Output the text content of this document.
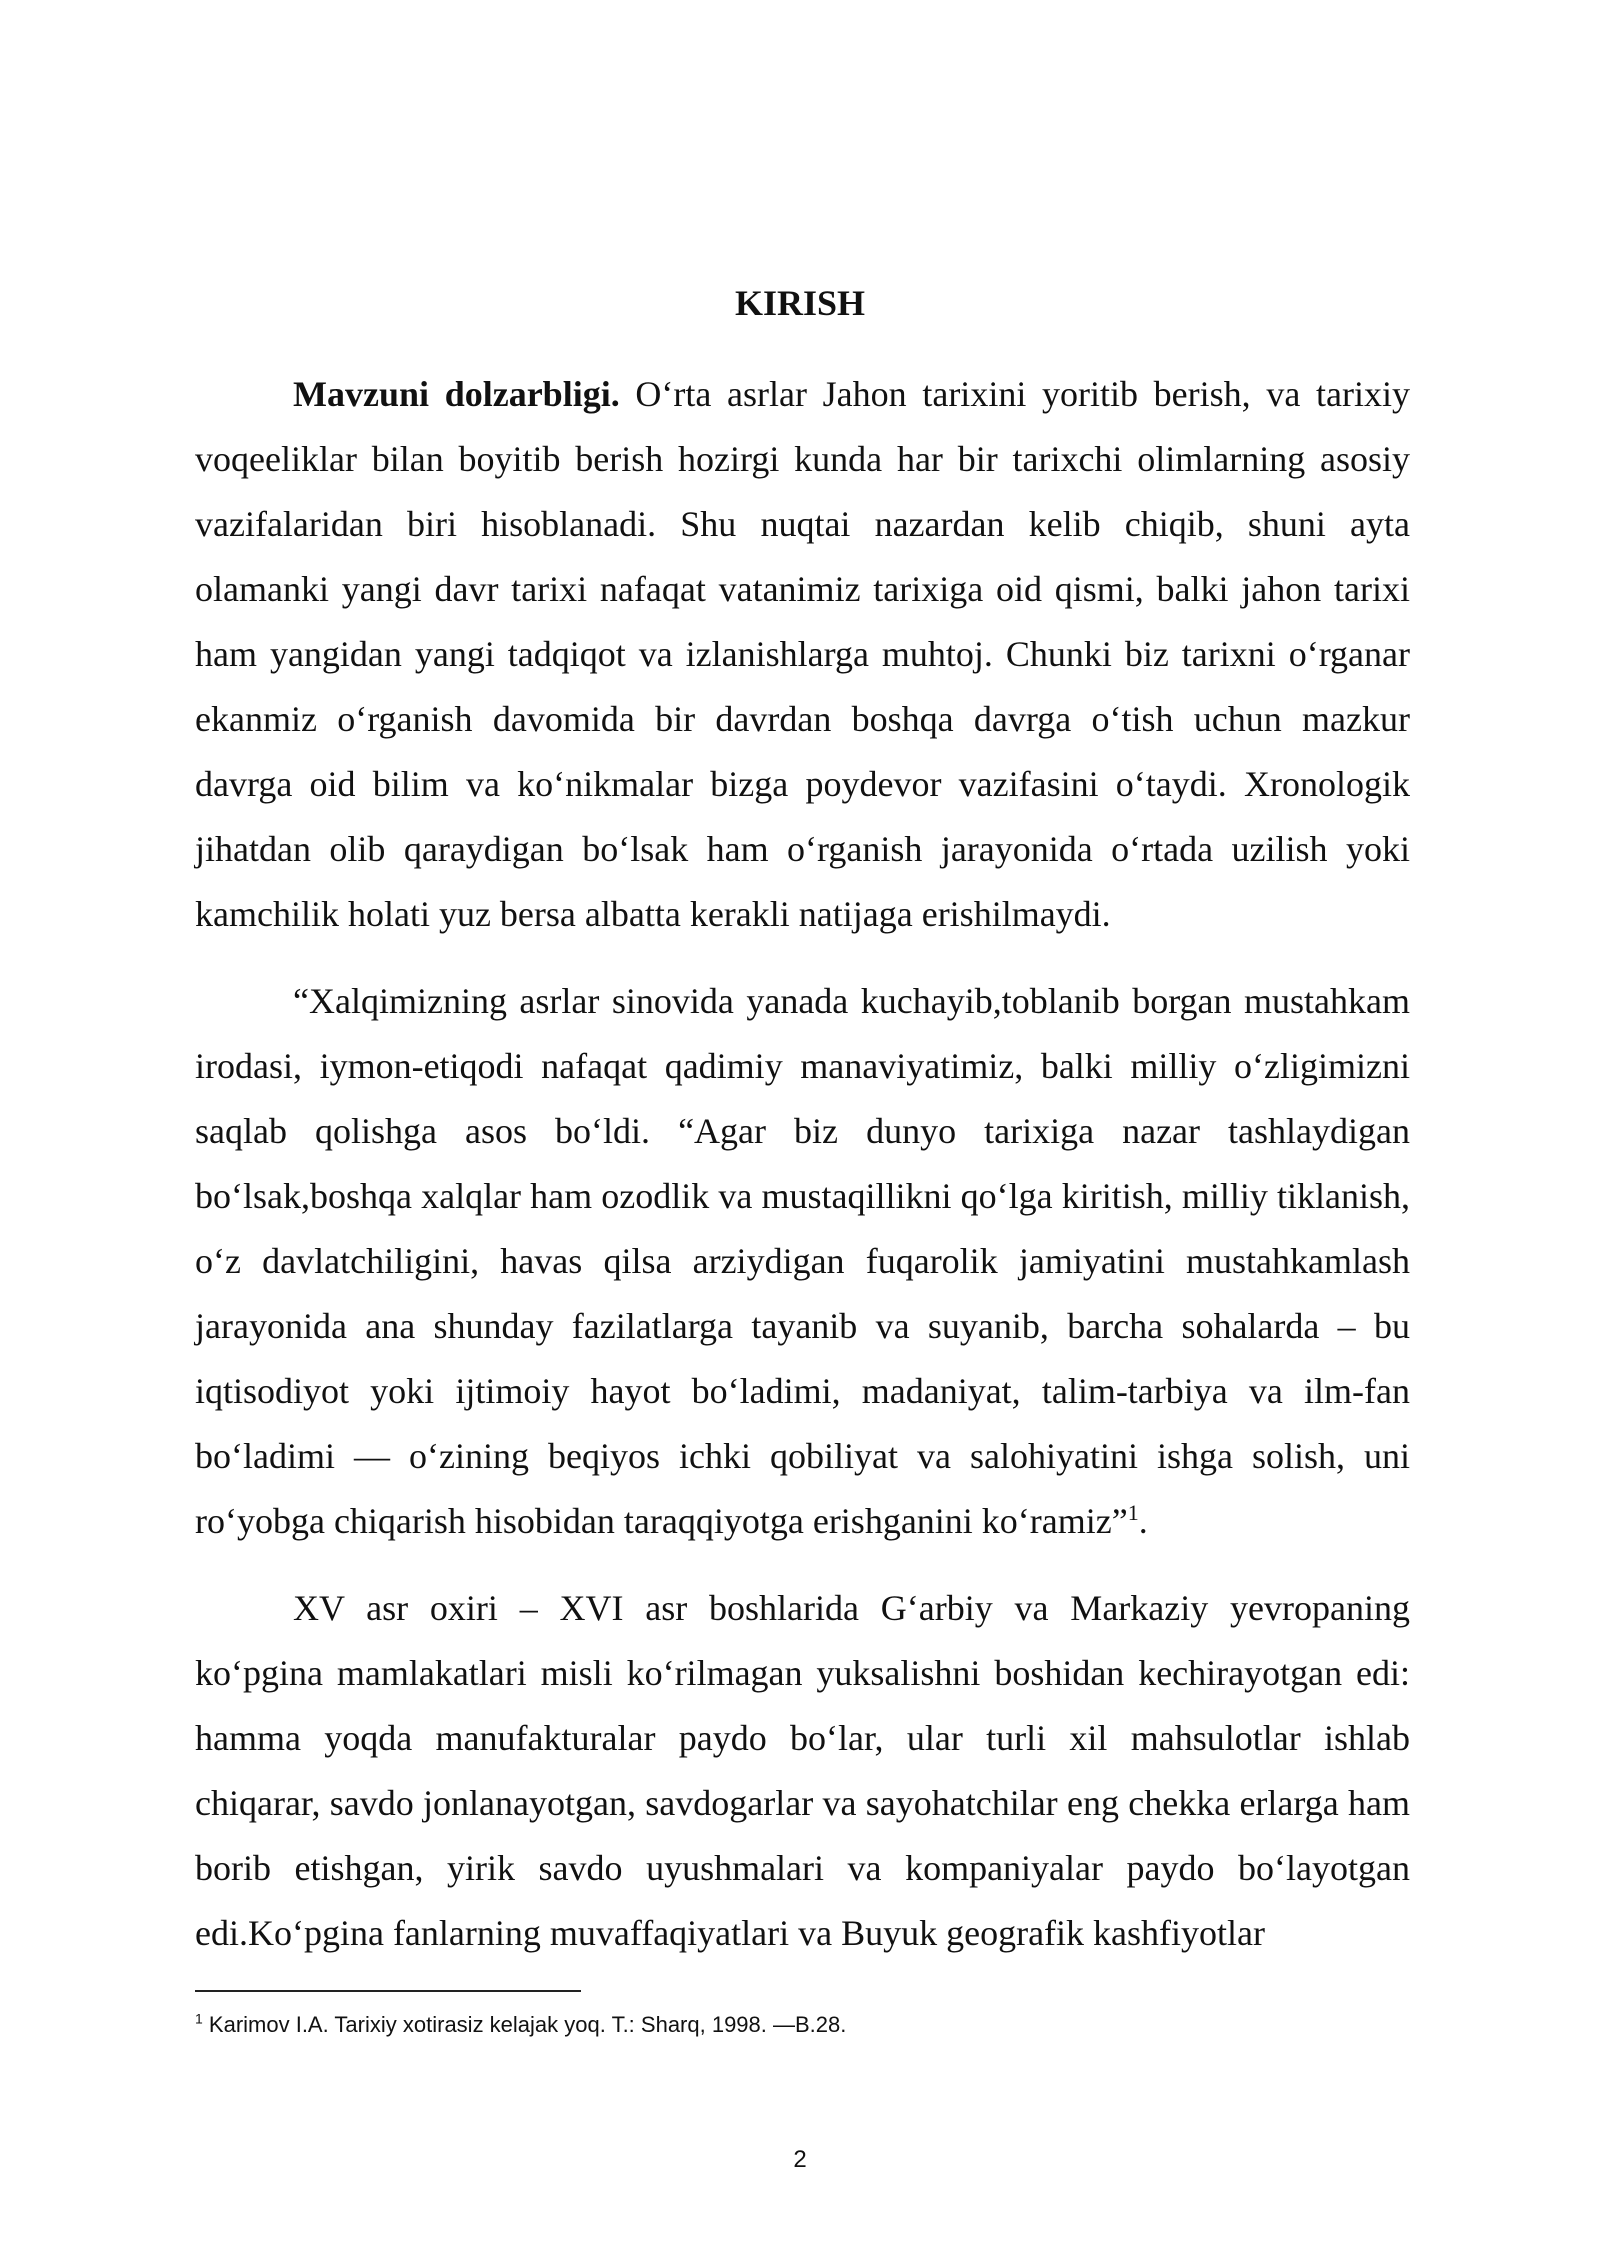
KIRISH

Mavzuni dolzarbligi. O‘rta asrlar Jahon tarixini yoritib berish, va tarixiy voqeeliklar bilan boyitib berish hozirgi kunda har bir tarixchi olimlarning asosiy vazifalaridan biri hisoblanadi. Shu nuqtai nazardan kelib chiqib, shuni ayta olamanki yangi davr tarixi nafaqat vatanimiz tarixiga oid qismi, balki jahon tarixi ham yangidan yangi tadqiqot va izlanishlarga muhtoj. Chunki biz tarixni o‘rganar ekanmiz o‘rganish davomida bir davrdan boshqa davrga o‘tish uchun mazkur davrga oid bilim va ko‘nikmalar bizga poydevor vazifasini o‘taydi. Xronologik jihatdan olib qaraydigan bo‘lsak ham o‘rganish jarayonida o‘rtada uzilish yoki kamchilik holati yuz bersa albatta kerakli natijaga erishilmaydi.

“Xalqimizning asrlar sinovida yanada kuchayib,toblanib borgan mustahkam irodasi, iymon-etiqodi nafaqat qadimiy manaviyatimiz, balki milliy o‘zligimizni saqlab qolishga asos bo‘ldi. “Agar biz dunyo tarixiga nazar tashlaydigan bo‘lsak,boshqa xalqlar ham ozodlik va mustaqillikni qo‘lga kiritish, milliy tiklanish, o‘z davlatchiligini, havas qilsa arziydigan fuqarolik jamiyatini mustahkamlash jarayonida ana shunday fazilatlarga tayanib va suyanib, barcha sohalarda – bu iqtisodiyot yoki ijtimoiy hayot bo‘ladimi, madaniyat, talim-tarbiya va ilm-fan bo‘ladimi — o‘zining beqiyos ichki qobiliyat va salohiyatini ishga solish, uni ro‘yobga chiqarish hisobidan taraqqiyotga erishganini ko‘ramiz”$^1$.

XV asr oxiri – XVI asr boshlarida G‘arbiy va Markaziy yevropaning ko‘pgina mamlakatlari misli ko‘rilmagan yuksalishni boshidan kechirayotgan edi: hamma yoqda manufakturalar paydo bo‘lar, ular turli xil mahsulotlar ishlab chiqarar, savdo jonlanayotgan, savdogarlar va sayohatchilar eng chekka erlarga ham borib etishgan, yirik savdo uyushmalari va kompaniyalar paydo bo‘layotgan edi.Ko‘pgina fanlarning muvaffaqiyatlari va Buyuk geografik kashfiyotlar

$^1$ Karimov I.A. Tarixiy xotirasiz kelajak yoq. T.: Sharq, 1998. —B.28.

2
